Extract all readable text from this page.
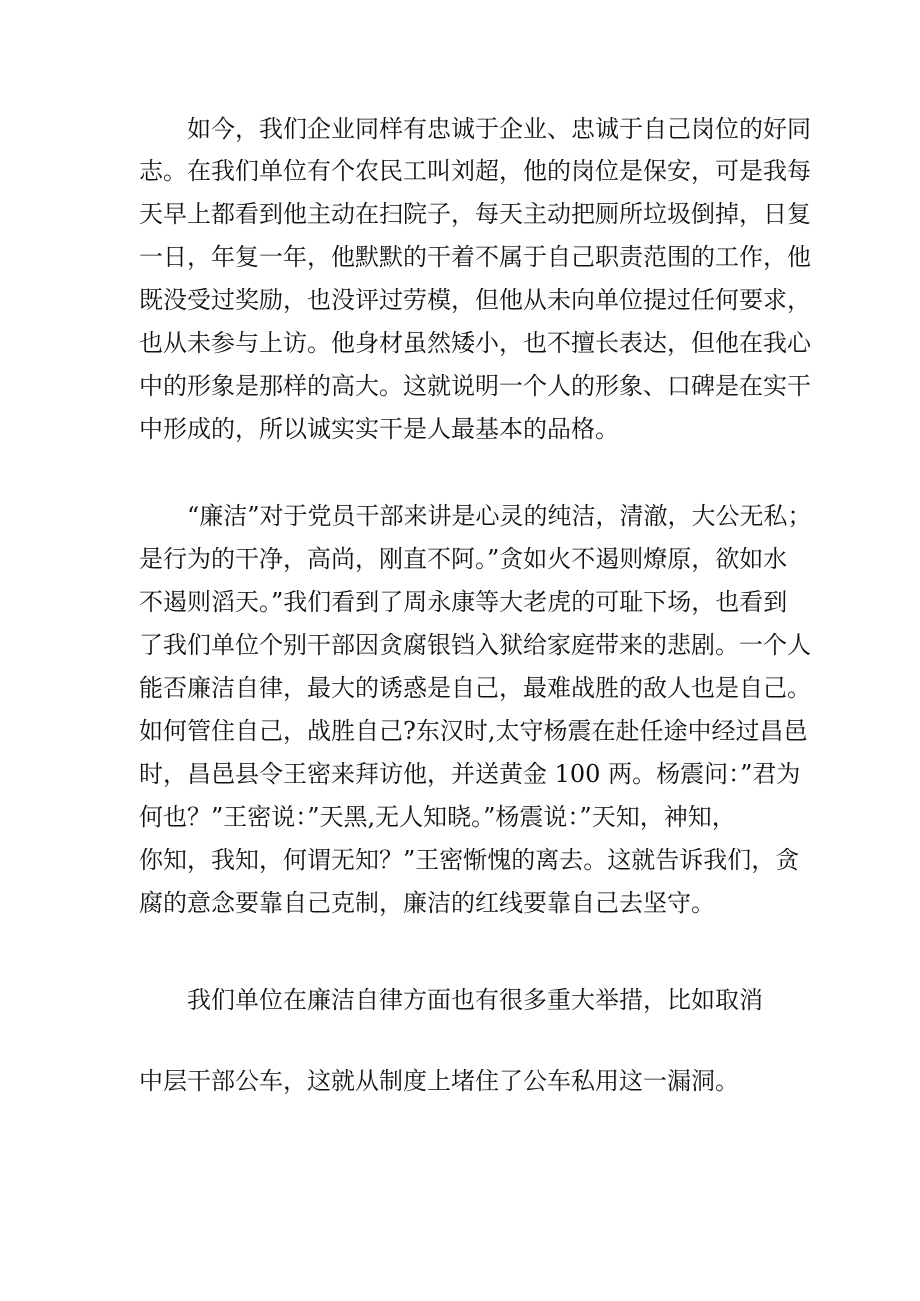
如今，我们企业同样有忠诚于企业、忠诚于自己岗位的好同

志。在我们单位有个农民工叫刘超，他的岗位是保安，可是我每

天早上都看到他主动在扫院子，每天主动把厕所垃圾倒掉，日复

一日，年复一年，他默默的干着不属于自己职责范围的工作，他

既没受过奖励，也没评过劳模，但他从未向单位提过任何要求，

也从未参与上访。他身材虽然矮小，也不擅长表达，但他在我心

中的形象是那样的高大。这就说明一个人的形象、口碑是在实干

中形成的，所以诚实实干是人最基本的品格。

“廉洁”对于党员干部来讲是心灵的纯洁，清澈，大公无私；

是行为的干净，高尚，刚直不阿。”贪如火不遏则燎原，欲如水

不遏则滔天。”我们看到了周永康等大老虎的可耻下场，也看到

了我们单位个别干部因贪腐银铛入狱给家庭带来的悲剧。一个人

能否廉洁自律，最大的诱惑是自己，最难战胜的敌人也是自己。

如何管住自己，战胜自己?东汉时,太守杨震在赴任途中经过昌邑

时，昌邑县令王密来拜访他，并送黄金 100 两。杨震问：”君为

何也？”王密说：”天黑,无人知晓。”杨震说：”天知，神知，

你知，我知，何谓无知？”王密惭愧的离去。这就告诉我们，贪

腐的意念要靠自己克制，廉洁的红线要靠自己去坚守。

我们单位在廉洁自律方面也有很多重大举措，比如取消

中层干部公车，这就从制度上堵住了公车私用这一漏洞。
